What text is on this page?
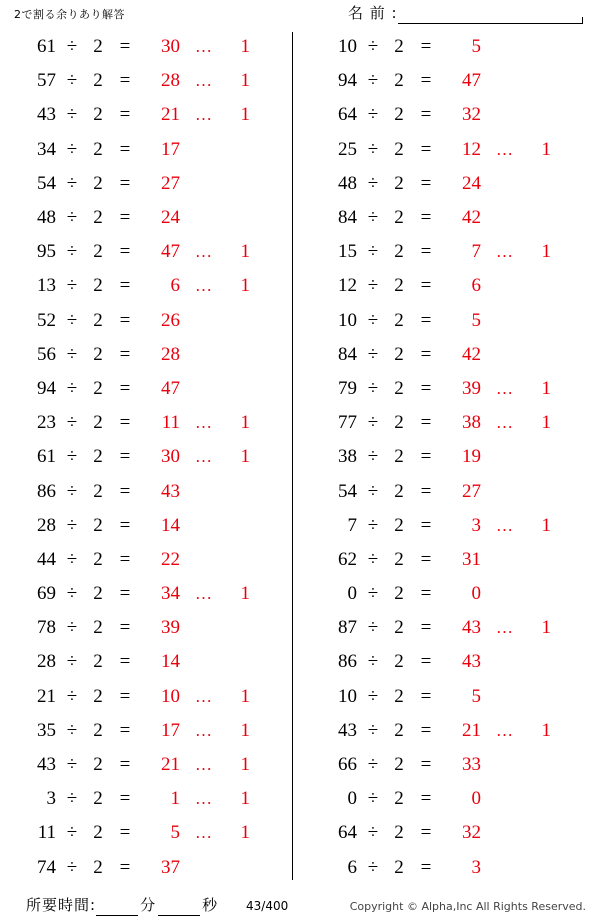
2で割る余りあり解答	名 前 :
61 ÷ 2 =	30 …	1
57 ÷ 2 =	28 …	1
43 ÷ 2 =	21 …	1
34 ÷ 2 =	17
54 ÷ 2 =	27
48 ÷ 2 =	24
95 ÷ 2 =	47 …	1
13 ÷ 2 =	6 …	1
52 ÷ 2 =	26
56 ÷ 2 =	28
94 ÷ 2 =	47
23 ÷ 2 =	11 …	1
61 ÷ 2 =	30 …	1
86 ÷ 2 =	43
28 ÷ 2 =	14
44 ÷ 2 =	22
69 ÷ 2 =	34 …	1
78 ÷ 2 =	39
28 ÷ 2 =	14
21 ÷ 2 =	10 …	1
35 ÷ 2 =	17 …	1
43 ÷ 2 =	21 …	1
3 ÷ 2 =	1 …	1
11 ÷ 2 =	5 …	1
74 ÷ 2 =	37
10 ÷ 2 =	5
94 ÷ 2 =	47
64 ÷ 2 =	32
25 ÷ 2 =	12 …	1
48 ÷ 2 =	24
84 ÷ 2 =	42
15 ÷ 2 =	7 …	1
12 ÷ 2 =	6
10 ÷ 2 =	5
84 ÷ 2 =	42
79 ÷ 2 =	39 …	1
77 ÷ 2 =	38 …	1
38 ÷ 2 =	19
54 ÷ 2 =	27
7 ÷ 2 =	3 …	1
62 ÷ 2 =	31
0 ÷ 2 =	0
87 ÷ 2 =	43 …	1
86 ÷ 2 =	43
10 ÷ 2 =	5
43 ÷ 2 =	21 …	1
66 ÷ 2 =	33
0 ÷ 2 =	0
64 ÷ 2 =	32
6 ÷ 2 =	3
所要時間:	分	秒 43/400	Copyright © Alpha,Inc All Rights Reserved.
